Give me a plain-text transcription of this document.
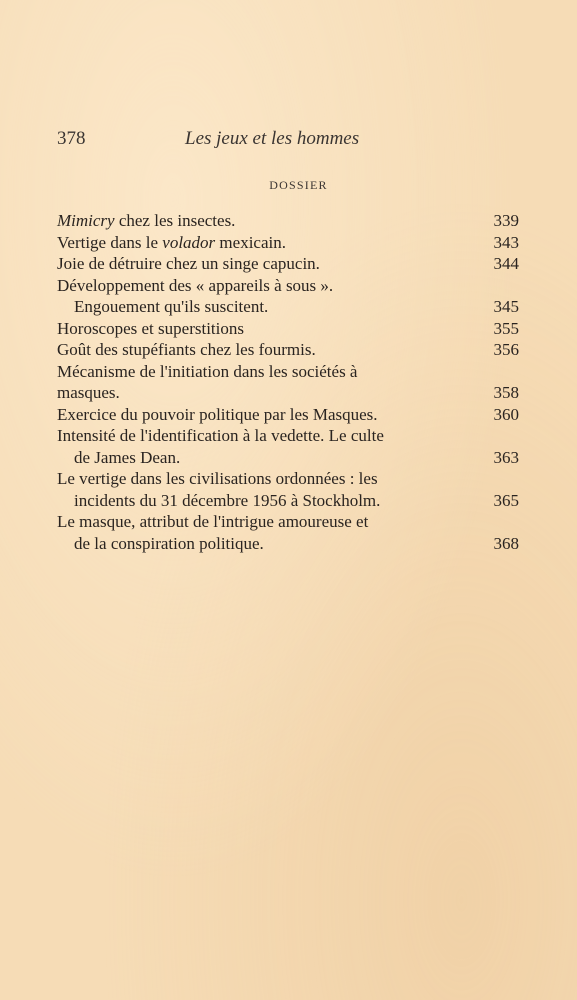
378	Les jeux et les hommes
DOSSIER
Mimicry chez les insectes.	339
Vertige dans le volador mexicain.	343
Joie de détruire chez un singe capucin.	344
Développement des « appareils à sous ».
Engouement qu'ils suscitent.	345
Horoscopes et superstitions	355
Goût des stupéfiants chez les fourmis.	356
Mécanisme de l'initiation dans les sociétés à
masques.	358
Exercice du pouvoir politique par les Masques.	360
Intensité de l'identification à la vedette. Le culte
de James Dean.	363
Le vertige dans les civilisations ordonnées : les
incidents du 31 décembre 1956 à Stockholm.	365
Le masque, attribut de l'intrigue amoureuse et
de la conspiration politique.	368
